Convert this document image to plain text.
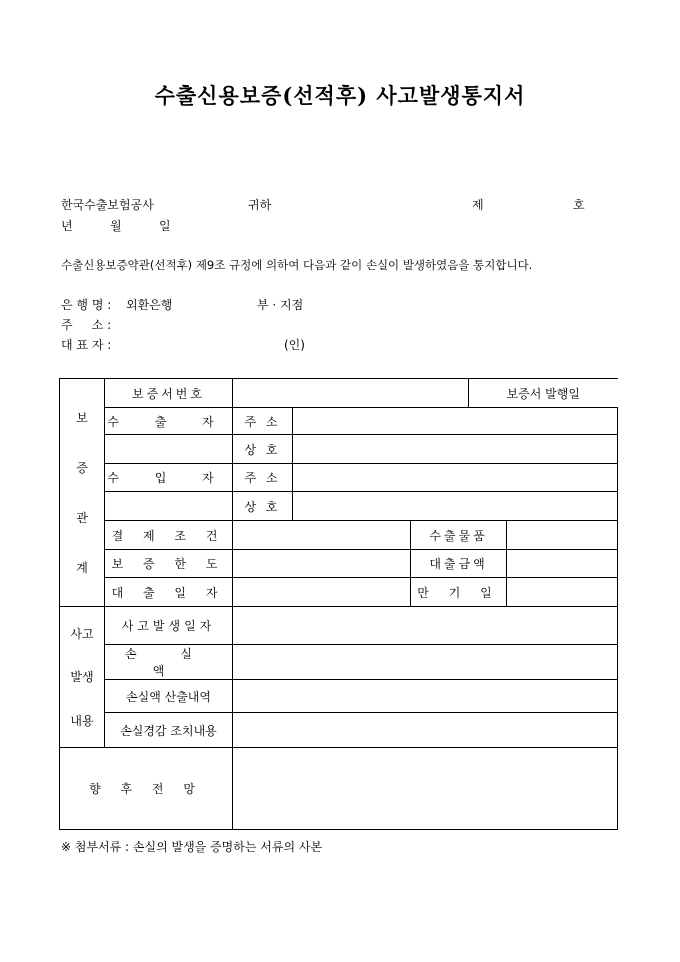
수출신용보증(선적후) 사고발생통지서
한국수출보험공사	귀하	제	호
년	월	일
수출신용보증약관(선적후) 제9조 규정에 의하여 다음과 같이 손실이 발생하였음을 통지합니다.
은 행 명 : 외환은행	부 · 지점
주     소 :
대 표 자 :	(인)
보
증
관
계	보증서번호				보증서 발행일	
	수 출 자	주 소				
		상 호				
	수 입 자	주 소				
		상 호				
	결 제 조 건			수출물품		
	보 증 한 도			대출금액		
	대 출 일 자			만 기 일		

사고
발생
내용	사고발생일자					
	손 실 액					
	손실액 산출내역					
	손실경감 조치내용					
향 후 전 망						
※ 첨부서류 : 손실의 발생을 증명하는 서류의 사본
